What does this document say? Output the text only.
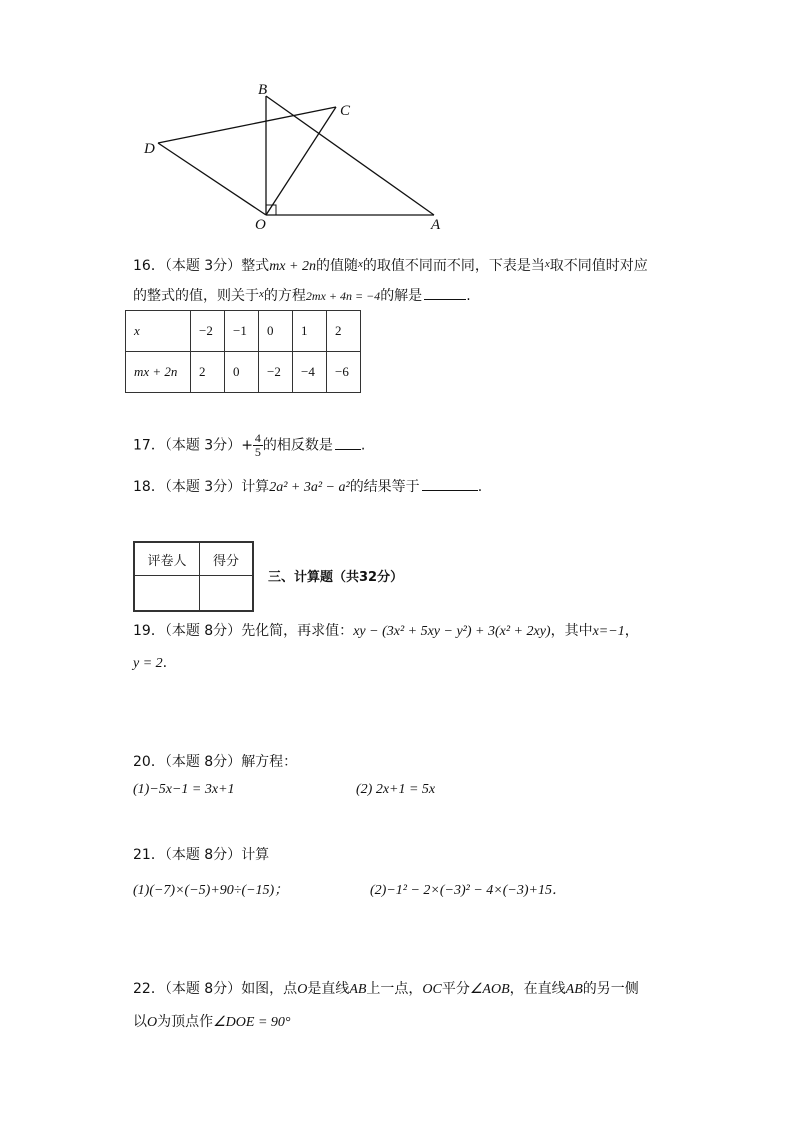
B
C
D
O	A
16．（本题 3分）整式mx + 2n的值随$^x$的取值不同而不同，下表是当$^x$取不同值时对应
的整式的值，则关于$^x$的方程2mx + 4n = −4的解是	.
x	−2	−1	0	1	2
mx + 2n	2	0	−2	−4	−6
17．（本题 3分）+ $\frac{4}{5}$ 的相反数是 .
18．（本题 3分）计算2a² + 3a² − a²的结果等于	.
评卷人	得分

三、计算题（共32分）
19．（本题 8分）先化简，再求值：xy − (3x² + 5xy − y²) + 3(x² + 2xy)，其中x=−1，
y = 2.
20．（本题 8分）解方程：
(1)−5x−1 = 3x+1	(2) 2x+1 = 5x
21．（本题 8分）计算
(1)(−7)×(−5)+90÷(−15)；	(2)−1² − 2×(−3)² − 4×(−3)+15．
22．（本题 8分）如图，点O是直线AB上一点，OC平分∠AOB，在直线AB的另一侧
以O为顶点作∠DOE = 90°
